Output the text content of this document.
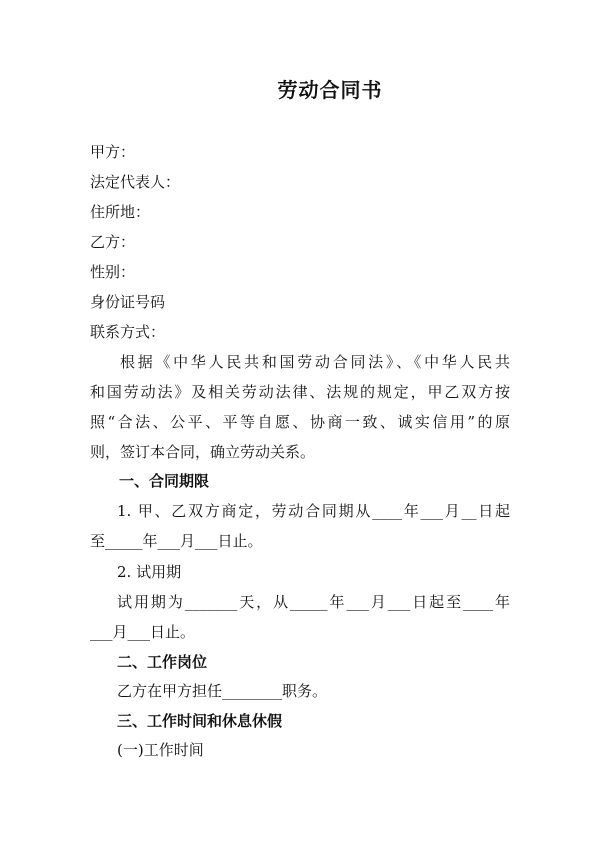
劳动合同书
甲方：
法定代表人：
住所地：
乙方：
性别：
身份证号码
联系方式：
根据《中华人民共和国劳动合同法》、《中华人民共
和国劳动法》及相关劳动法律、法规的规定，甲乙双方按
照“合法、公平、平等自愿、协商一致、诚实信用”的原
则，签订本合同，确立劳动关系。
一、合同期限
1. 甲、乙双方商定，劳动合同期从____年___月__日起
至_____年___月___日止。
2. 试用期
试用期为_______天，从_____年___月___日起至____年
___月___日止。
二、工作岗位
乙方在甲方担任________职务。
三、工作时间和休息休假
(一)工作时间
